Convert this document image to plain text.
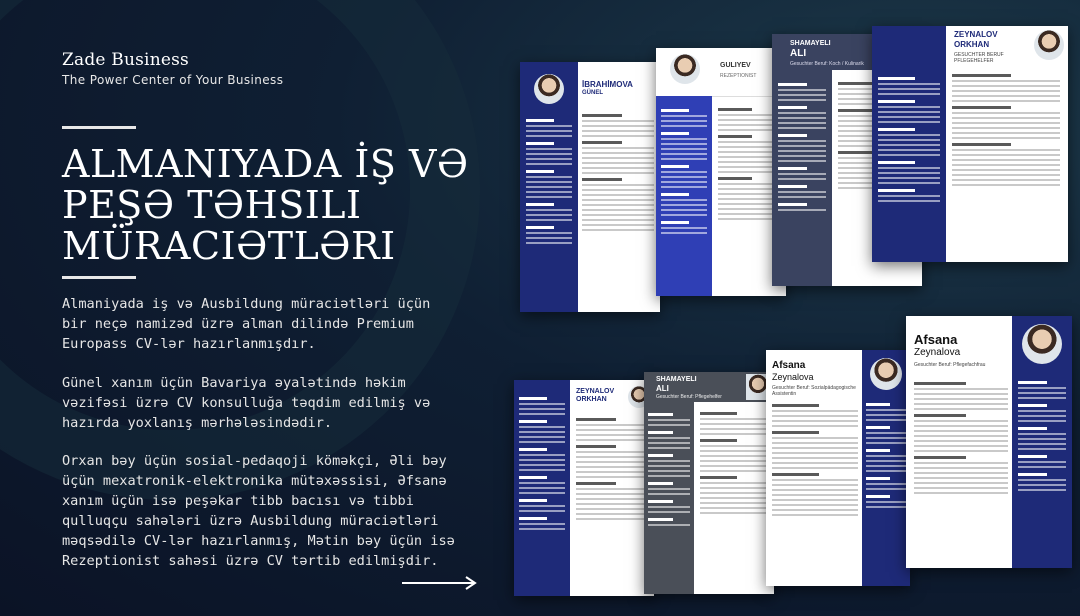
Zade Business
The Power Center of Your Business
ALMANIYADA İŞ VƏ
PEŞƏ TƏHSILI
MÜRACIƏTLƏRI
Almaniyada iş və Ausbildung müraciətləri üçün bir neçə namizəd üzrə alman dilində Premium Europass CV-lər hazırlanmışdır.
Günel xanım üçün Bavariya əyalətində həkim vəzifəsi üzrə CV konsulluğa təqdim edilmiş və hazırda yoxlanış mərhələsindədir.
Orxan bəy üçün sosial-pedaqoji köməkçi, Əli bəy üçün mexatronik-elektronika mütəxəssisi, Əfsanə xanım üçün isə peşəkar tibb bacısı və tibbi qulluqçu sahələri üzrə Ausbildung müraciətləri məqsədilə CV-lər hazırlanmış, Mətin bəy üçün isə Rezeptionist sahəsi üzrə CV tərtib edilmişdir.
İBRAHİMOVA
GÜNEL
GULIYEV
REZEPTIONIST
SHAMAYELI
ALI
Gesuchter Beruf: Koch / Kulinarik
ZEYNALOV
ORKHAN
GESUCHTER BERUF PFLEGEHELFER
ZEYNALOV
ORKHAN
SHAMAYELI
ALI
Gesuchter Beruf: Pflegehelfer
Afsana
Zeynalova
Gesuchter Beruf: Sozialpädagogische Assistentin
Afsana
Zeynalova
Gesuchter Beruf: Pflegefachfrau
